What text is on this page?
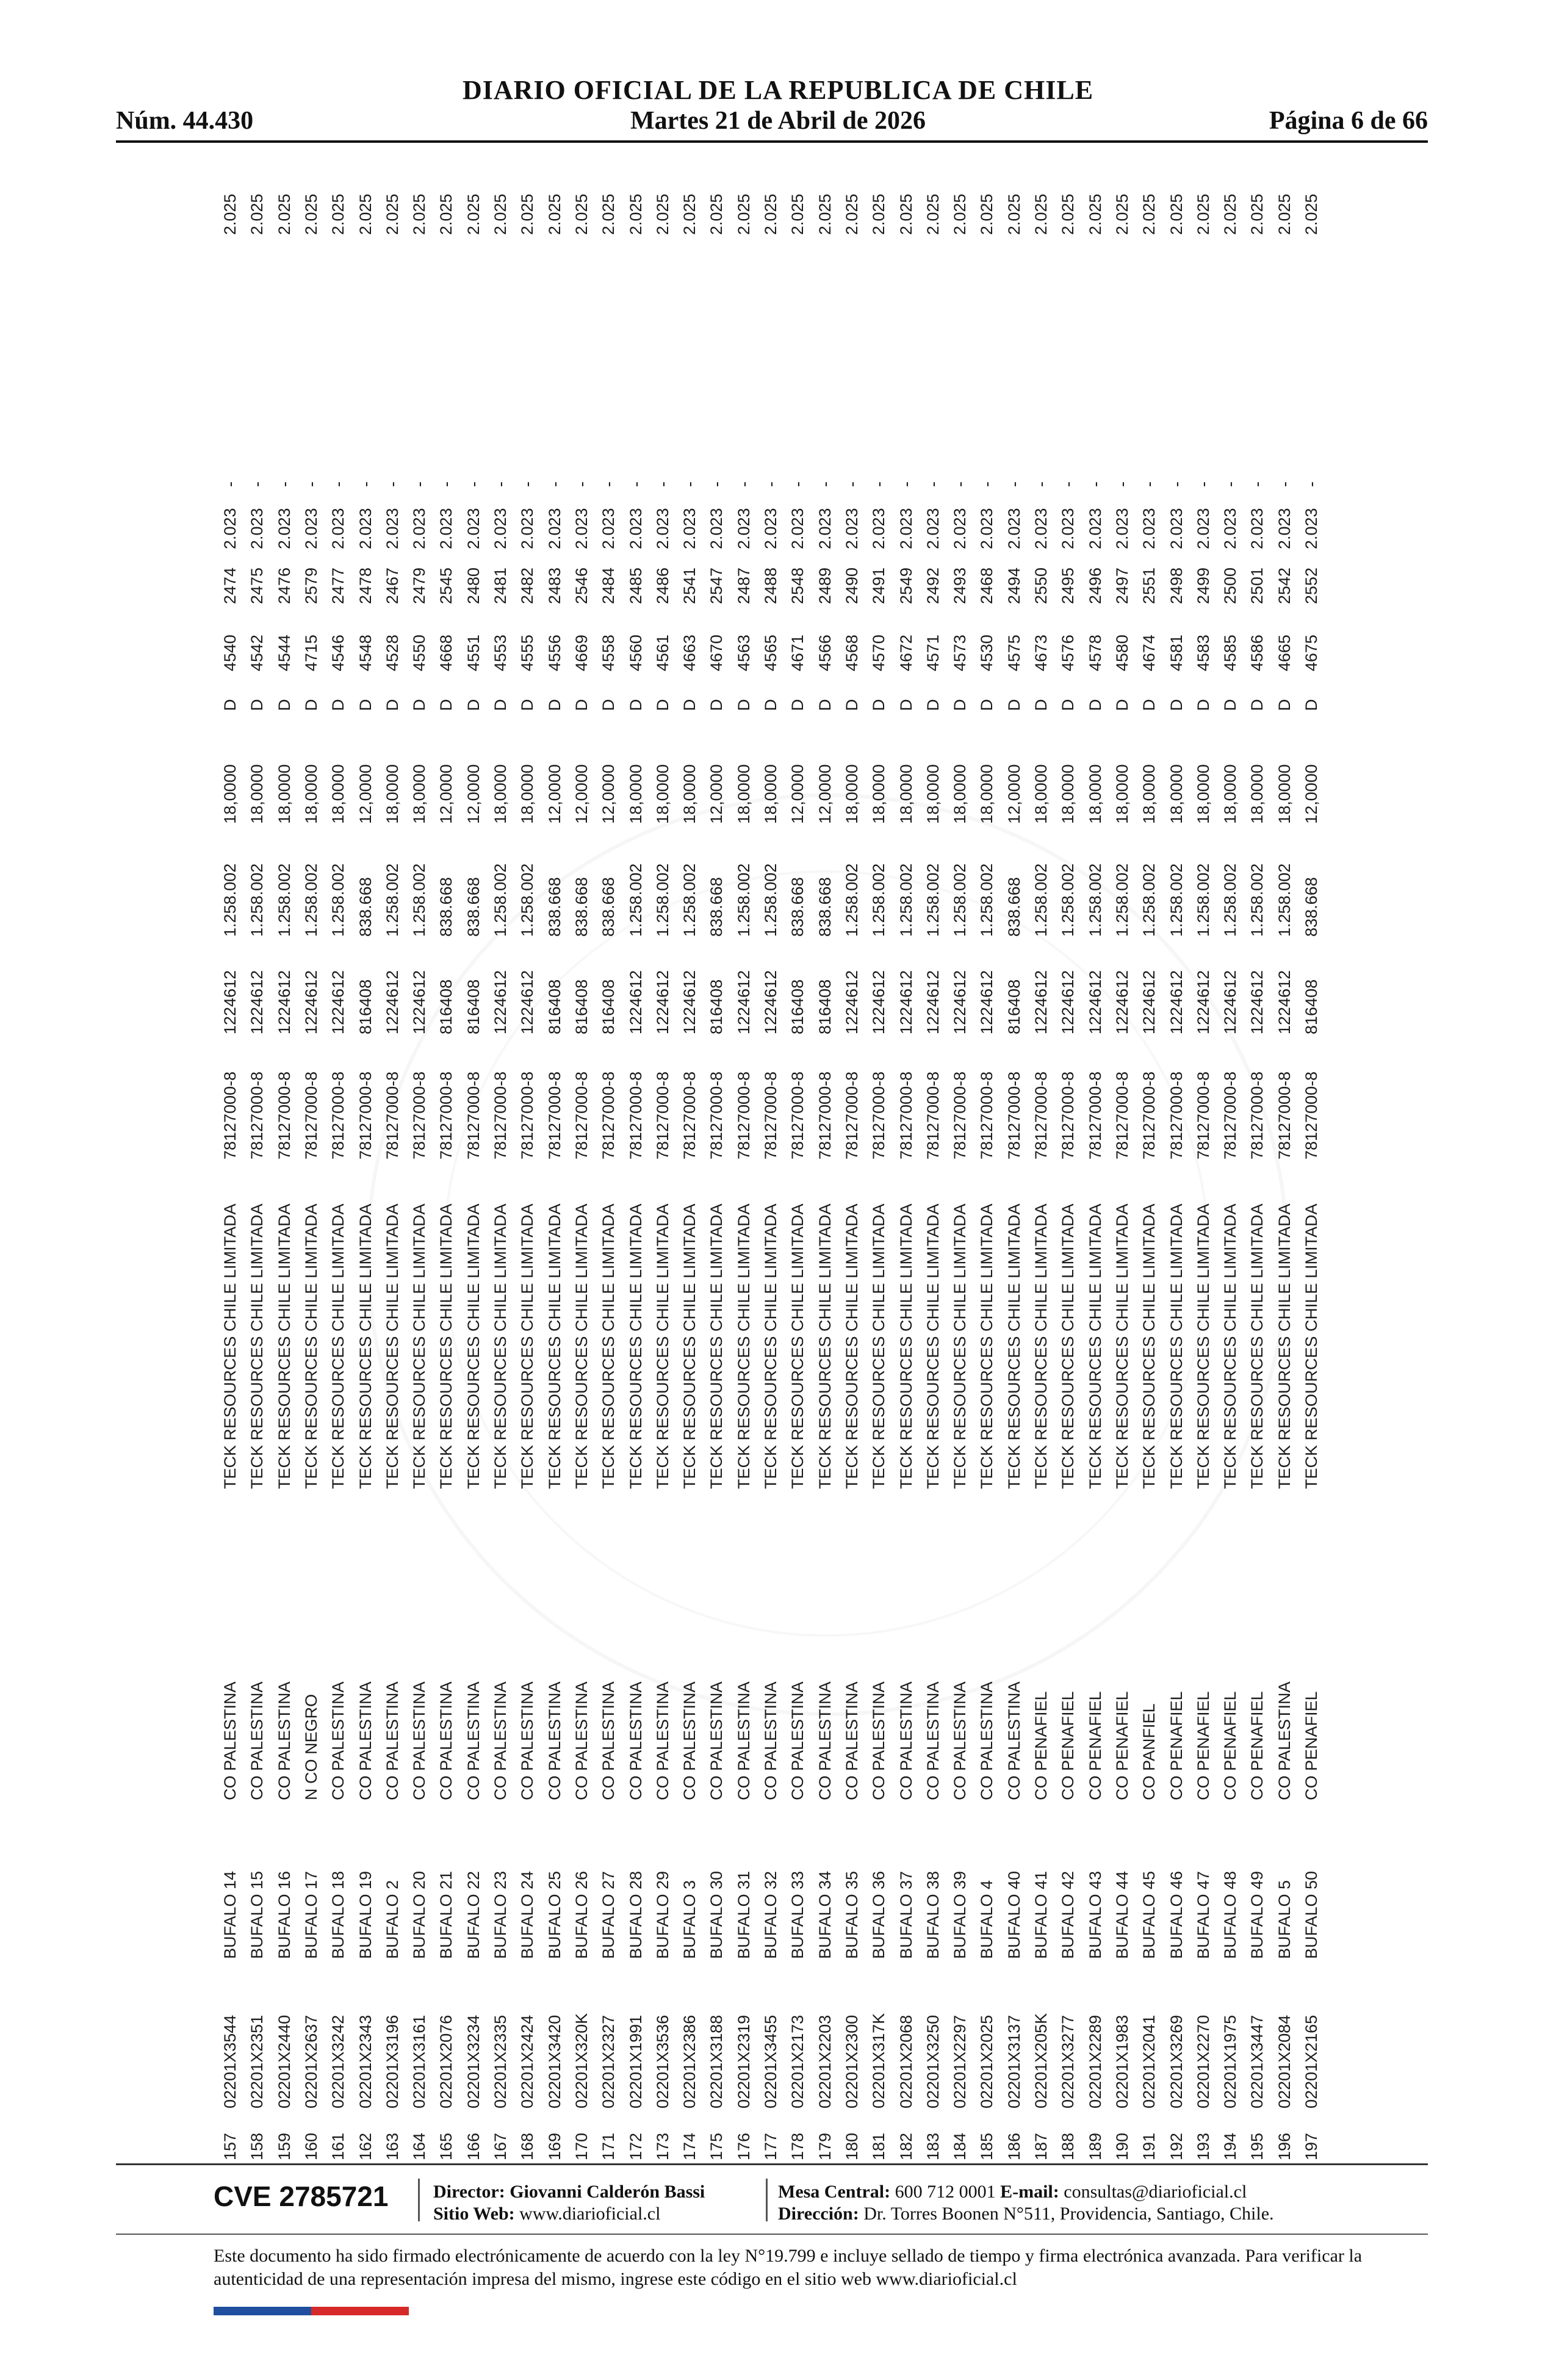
DIARIO OFICIAL DE LA REPUBLICA DE CHILE
Núm. 44.430	Martes 21 de Abril de 2026	Página 6 de 66
157
02201X3544
BUFALO 14
CO PALESTINA
TECK RESOURCES CHILE LIMITADA
78127000-8
1224612
1.258.002
18,0000
D
4540
2474
2.023
-
2.025
158
02201X2351
BUFALO 15
CO PALESTINA
TECK RESOURCES CHILE LIMITADA
78127000-8
1224612
1.258.002
18,0000
D
4542
2475
2.023
-
2.025
159
02201X2440
BUFALO 16
CO PALESTINA
TECK RESOURCES CHILE LIMITADA
78127000-8
1224612
1.258.002
18,0000
D
4544
2476
2.023
-
2.025
160
02201X2637
BUFALO 17
N CO NEGRO
TECK RESOURCES CHILE LIMITADA
78127000-8
1224612
1.258.002
18,0000
D
4715
2579
2.023
-
2.025
161
02201X3242
BUFALO 18
CO PALESTINA
TECK RESOURCES CHILE LIMITADA
78127000-8
1224612
1.258.002
18,0000
D
4546
2477
2.023
-
2.025
162
02201X2343
BUFALO 19
CO PALESTINA
TECK RESOURCES CHILE LIMITADA
78127000-8
816408
838.668
12,0000
D
4548
2478
2.023
-
2.025
163
02201X3196
BUFALO 2
CO PALESTINA
TECK RESOURCES CHILE LIMITADA
78127000-8
1224612
1.258.002
18,0000
D
4528
2467
2.023
-
2.025
164
02201X3161
BUFALO 20
CO PALESTINA
TECK RESOURCES CHILE LIMITADA
78127000-8
1224612
1.258.002
18,0000
D
4550
2479
2.023
-
2.025
165
02201X2076
BUFALO 21
CO PALESTINA
TECK RESOURCES CHILE LIMITADA
78127000-8
816408
838.668
12,0000
D
4668
2545
2.023
-
2.025
166
02201X3234
BUFALO 22
CO PALESTINA
TECK RESOURCES CHILE LIMITADA
78127000-8
816408
838.668
12,0000
D
4551
2480
2.023
-
2.025
167
02201X2335
BUFALO 23
CO PALESTINA
TECK RESOURCES CHILE LIMITADA
78127000-8
1224612
1.258.002
18,0000
D
4553
2481
2.023
-
2.025
168
02201X2424
BUFALO 24
CO PALESTINA
TECK RESOURCES CHILE LIMITADA
78127000-8
1224612
1.258.002
18,0000
D
4555
2482
2.023
-
2.025
169
02201X3420
BUFALO 25
CO PALESTINA
TECK RESOURCES CHILE LIMITADA
78127000-8
816408
838.668
12,0000
D
4556
2483
2.023
-
2.025
170
02201X320K
BUFALO 26
CO PALESTINA
TECK RESOURCES CHILE LIMITADA
78127000-8
816408
838.668
12,0000
D
4669
2546
2.023
-
2.025
171
02201X2327
BUFALO 27
CO PALESTINA
TECK RESOURCES CHILE LIMITADA
78127000-8
816408
838.668
12,0000
D
4558
2484
2.023
-
2.025
172
02201X1991
BUFALO 28
CO PALESTINA
TECK RESOURCES CHILE LIMITADA
78127000-8
1224612
1.258.002
18,0000
D
4560
2485
2.023
-
2.025
173
02201X3536
BUFALO 29
CO PALESTINA
TECK RESOURCES CHILE LIMITADA
78127000-8
1224612
1.258.002
18,0000
D
4561
2486
2.023
-
2.025
174
02201X2386
BUFALO 3
CO PALESTINA
TECK RESOURCES CHILE LIMITADA
78127000-8
1224612
1.258.002
18,0000
D
4663
2541
2.023
-
2.025
175
02201X3188
BUFALO 30
CO PALESTINA
TECK RESOURCES CHILE LIMITADA
78127000-8
816408
838.668
12,0000
D
4670
2547
2.023
-
2.025
176
02201X2319
BUFALO 31
CO PALESTINA
TECK RESOURCES CHILE LIMITADA
78127000-8
1224612
1.258.002
18,0000
D
4563
2487
2.023
-
2.025
177
02201X3455
BUFALO 32
CO PALESTINA
TECK RESOURCES CHILE LIMITADA
78127000-8
1224612
1.258.002
18,0000
D
4565
2488
2.023
-
2.025
178
02201X2173
BUFALO 33
CO PALESTINA
TECK RESOURCES CHILE LIMITADA
78127000-8
816408
838.668
12,0000
D
4671
2548
2.023
-
2.025
179
02201X2203
BUFALO 34
CO PALESTINA
TECK RESOURCES CHILE LIMITADA
78127000-8
816408
838.668
12,0000
D
4566
2489
2.023
-
2.025
180
02201X2300
BUFALO 35
CO PALESTINA
TECK RESOURCES CHILE LIMITADA
78127000-8
1224612
1.258.002
18,0000
D
4568
2490
2.023
-
2.025
181
02201X317K
BUFALO 36
CO PALESTINA
TECK RESOURCES CHILE LIMITADA
78127000-8
1224612
1.258.002
18,0000
D
4570
2491
2.023
-
2.025
182
02201X2068
BUFALO 37
CO PALESTINA
TECK RESOURCES CHILE LIMITADA
78127000-8
1224612
1.258.002
18,0000
D
4672
2549
2.023
-
2.025
183
02201X3250
BUFALO 38
CO PALESTINA
TECK RESOURCES CHILE LIMITADA
78127000-8
1224612
1.258.002
18,0000
D
4571
2492
2.023
-
2.025
184
02201X2297
BUFALO 39
CO PALESTINA
TECK RESOURCES CHILE LIMITADA
78127000-8
1224612
1.258.002
18,0000
D
4573
2493
2.023
-
2.025
185
02201X2025
BUFALO 4
CO PALESTINA
TECK RESOURCES CHILE LIMITADA
78127000-8
1224612
1.258.002
18,0000
D
4530
2468
2.023
-
2.025
186
02201X3137
BUFALO 40
CO PALESTINA
TECK RESOURCES CHILE LIMITADA
78127000-8
816408
838.668
12,0000
D
4575
2494
2.023
-
2.025
187
02201X205K
BUFALO 41
CO PENAFIEL
TECK RESOURCES CHILE LIMITADA
78127000-8
1224612
1.258.002
18,0000
D
4673
2550
2.023
-
2.025
188
02201X3277
BUFALO 42
CO PENAFIEL
TECK RESOURCES CHILE LIMITADA
78127000-8
1224612
1.258.002
18,0000
D
4576
2495
2.023
-
2.025
189
02201X2289
BUFALO 43
CO PENAFIEL
TECK RESOURCES CHILE LIMITADA
78127000-8
1224612
1.258.002
18,0000
D
4578
2496
2.023
-
2.025
190
02201X1983
BUFALO 44
CO PENAFIEL
TECK RESOURCES CHILE LIMITADA
78127000-8
1224612
1.258.002
18,0000
D
4580
2497
2.023
-
2.025
191
02201X2041
BUFALO 45
CO PANFIEL
TECK RESOURCES CHILE LIMITADA
78127000-8
1224612
1.258.002
18,0000
D
4674
2551
2.023
-
2.025
192
02201X3269
BUFALO 46
CO PENAFIEL
TECK RESOURCES CHILE LIMITADA
78127000-8
1224612
1.258.002
18,0000
D
4581
2498
2.023
-
2.025
193
02201X2270
BUFALO 47
CO PENAFIEL
TECK RESOURCES CHILE LIMITADA
78127000-8
1224612
1.258.002
18,0000
D
4583
2499
2.023
-
2.025
194
02201X1975
BUFALO 48
CO PENAFIEL
TECK RESOURCES CHILE LIMITADA
78127000-8
1224612
1.258.002
18,0000
D
4585
2500
2.023
-
2.025
195
02201X3447
BUFALO 49
CO PENAFIEL
TECK RESOURCES CHILE LIMITADA
78127000-8
1224612
1.258.002
18,0000
D
4586
2501
2.023
-
2.025
196
02201X2084
BUFALO 5
CO PALESTINA
TECK RESOURCES CHILE LIMITADA
78127000-8
1224612
1.258.002
18,0000
D
4665
2542
2.023
-
2.025
197
02201X2165
BUFALO 50
CO PENAFIEL
TECK RESOURCES CHILE LIMITADA
78127000-8
816408
838.668
12,0000
D
4675
2552
2.023
-
2.025
CVE 2785721 Director: Giovanni Calderón Bassi
Sitio Web: www.diarioficial.cl
Mesa Central: 600 712 0001 E-mail: consultas@diarioficial.cl
Dirección: Dr. Torres Boonen N°511, Providencia, Santiago, Chile.
Este documento ha sido firmado electrónicamente de acuerdo con la ley N°19.799 e incluye sellado de tiempo y firma electrónica avanzada. Para verificar la autenticidad de una representación impresa del mismo, ingrese este código en el sitio web www.diarioficial.cl
